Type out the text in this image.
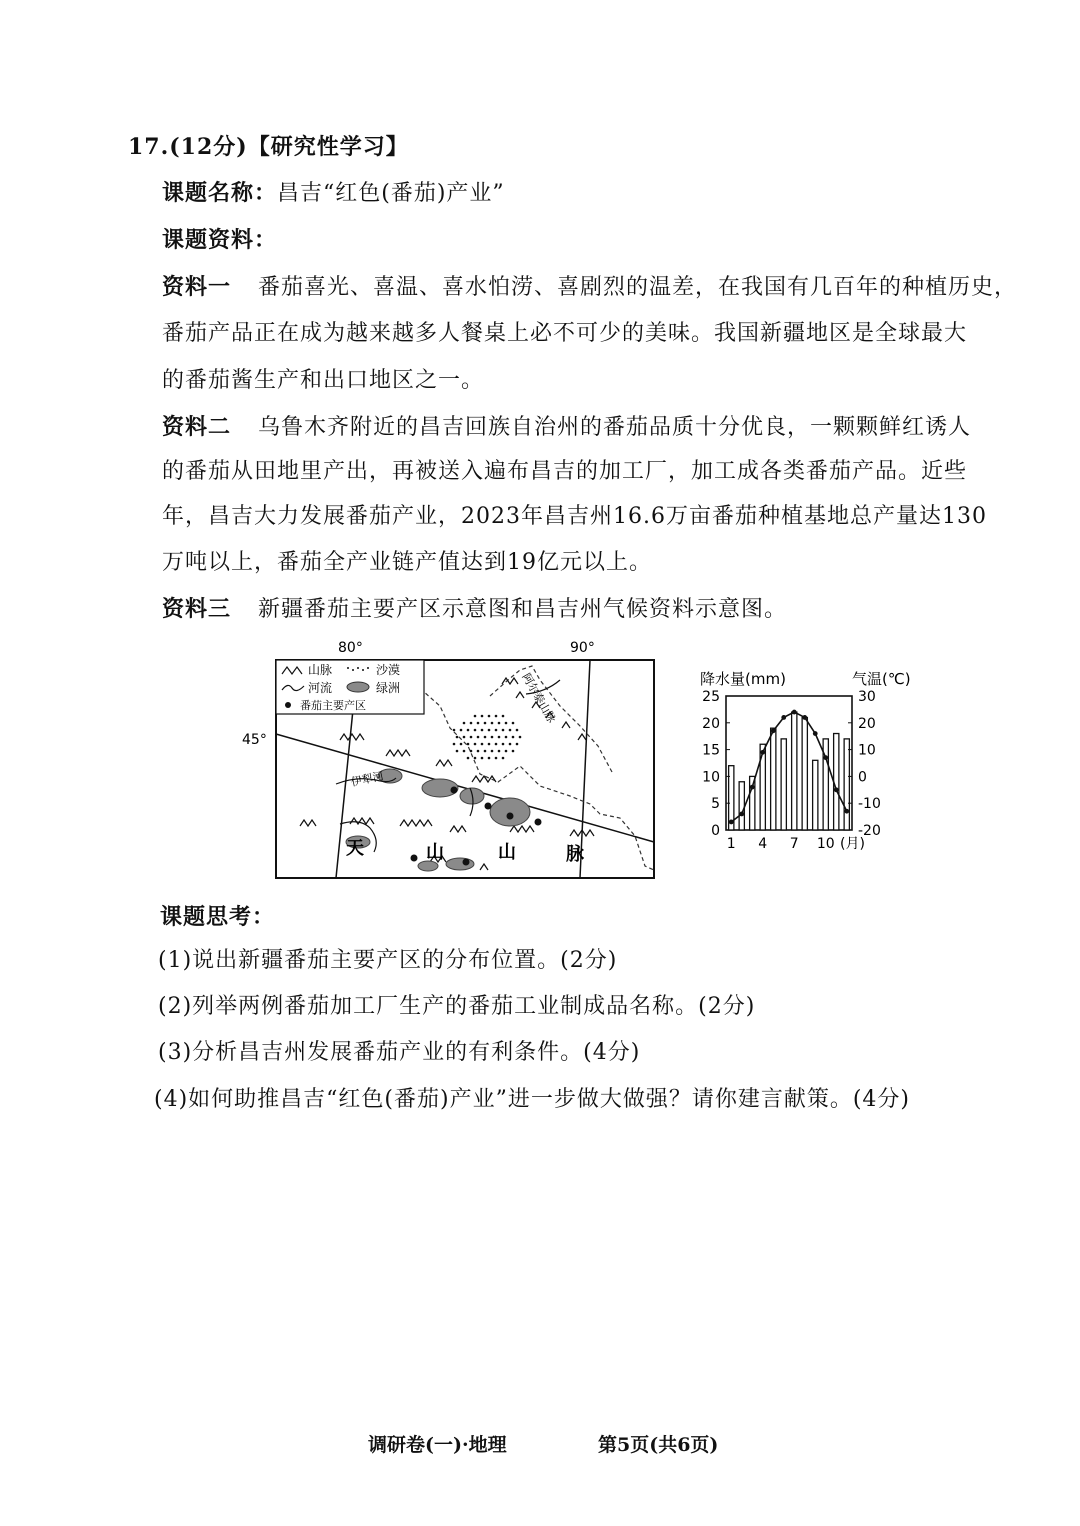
17.(12分)【研究性学习】
课题名称：昌吉“红色(番茄)产业”
课题资料：
资料一 番茄喜光、喜温、喜水怕涝、喜剧烈的温差，在我国有几百年的种植历史，
番茄产品正在成为越来越多人餐桌上必不可少的美味。我国新疆地区是全球最大
的番茄酱生产和出口地区之一。
资料二 乌鲁木齐附近的昌吉回族自治州的番茄品质十分优良，一颗颗鲜红诱人
的番茄从田地里产出，再被送入遍布昌吉的加工厂，加工成各类番茄产品。近些
年，昌吉大力发展番茄产业，2023年昌吉州16.6万亩番茄种植基地总产量达130
万吨以上，番茄全产业链产值达到19亿元以上。
资料三 新疆番茄主要产区示意图和昌吉州气候资料示意图。
80°	90°
45°
山脉	沙漠
河流	绿洲
番茄主要产区	阿尔泰山脉
伊犁河
天	山	山	脉
降水量(mm)	气温(℃)
0
5
10
15
20
25
-20
-10
0
10
20
30
1 4 7 10 (月)
课题思考：
(1)说出新疆番茄主要产区的分布位置。(2分)
(2)列举两例番茄加工厂生产的番茄工业制成品名称。(2分)
(3)分析昌吉州发展番茄产业的有利条件。(4分)
(4)如何助推昌吉“红色(番茄)产业”进一步做大做强？请你建言献策。(4分)
调研卷(一)·地理	第5页(共6页)
